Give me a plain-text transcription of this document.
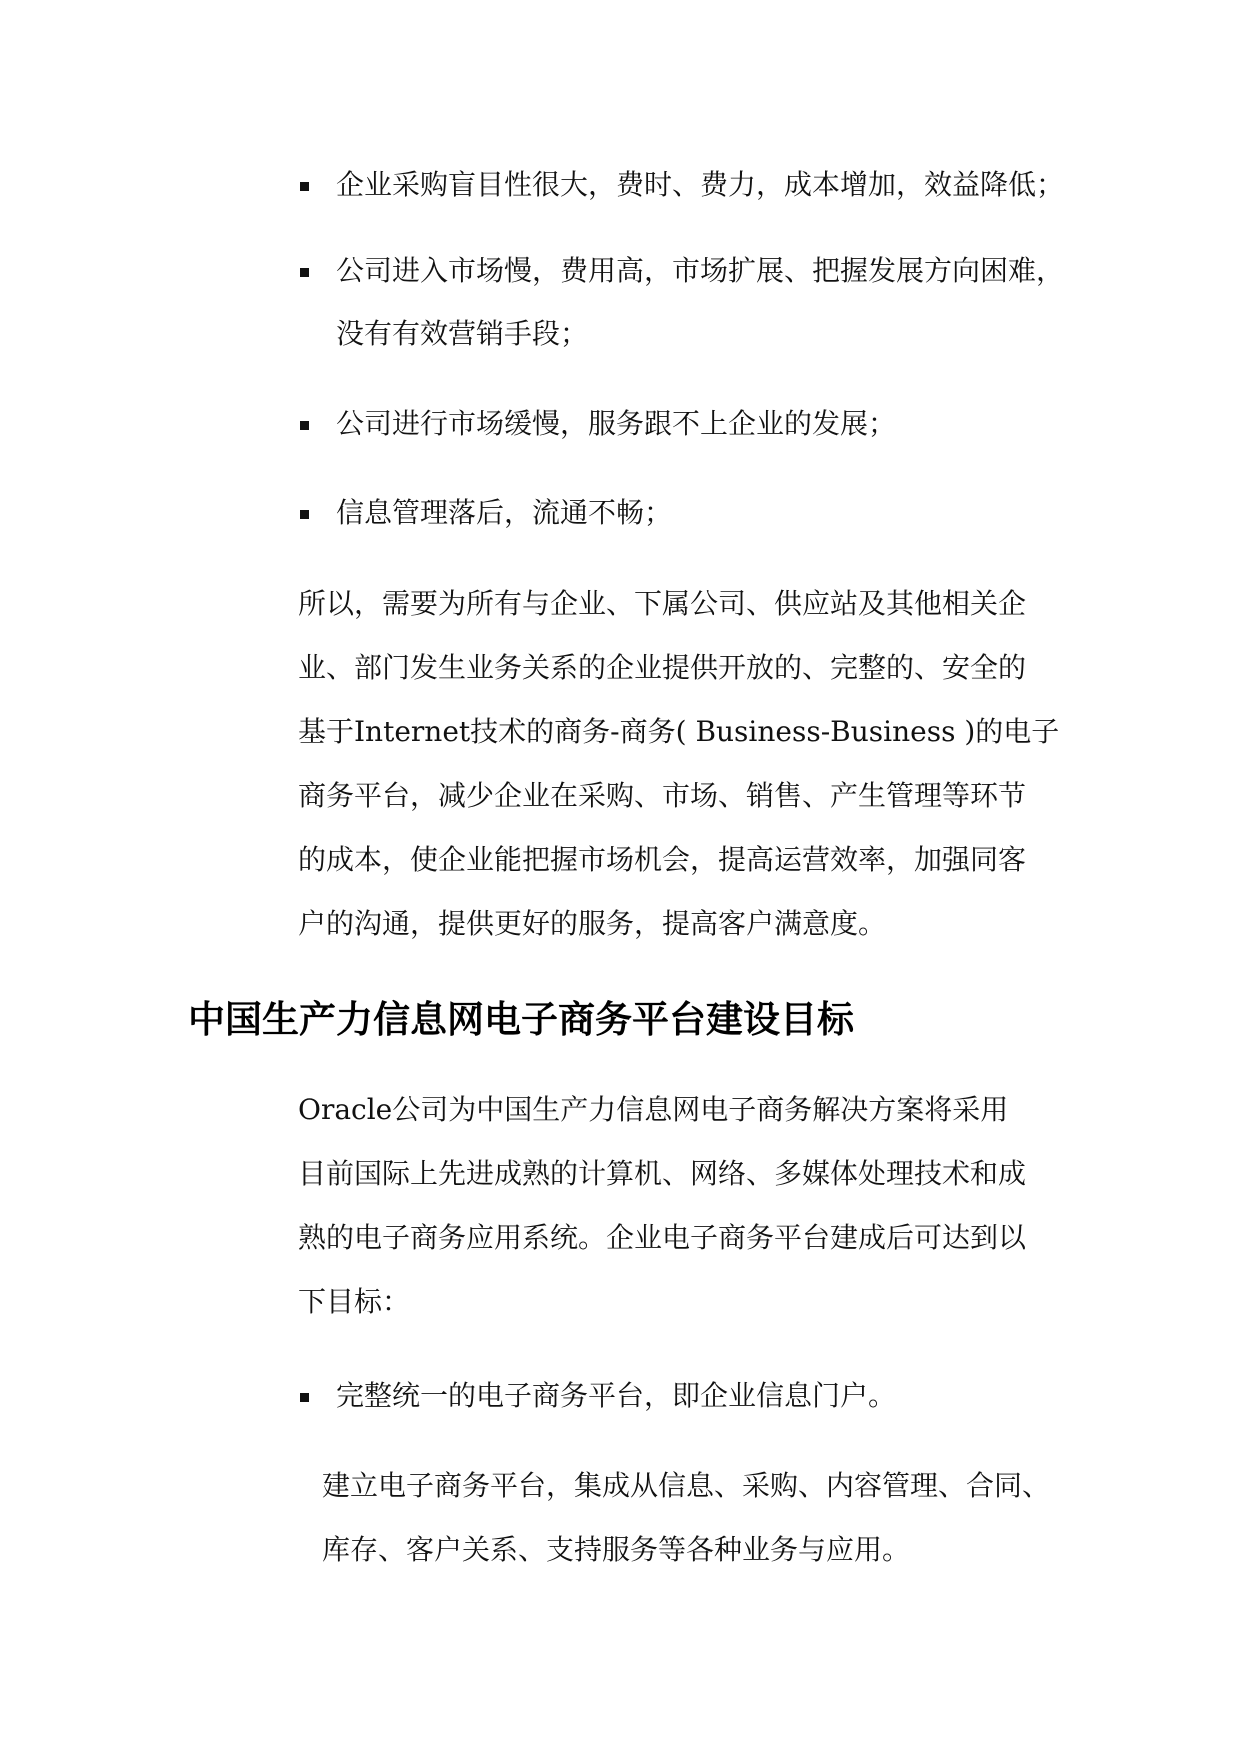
企业采购盲目性很大，费时、费力，成本增加，效益降低；
公司进入市场慢，费用高，市场扩展、把握发展方向困难，
没有有效营销手段；
公司进行市场缓慢，服务跟不上企业的发展；
信息管理落后，流通不畅；
所以，需要为所有与企业、下属公司、供应站及其他相关企
业、部门发生业务关系的企业提供开放的、完整的、安全的
基于Internet技术的商务-商务( Business-Business )的电子
商务平台，减少企业在采购、市场、销售、产生管理等环节
的成本，使企业能把握市场机会，提高运营效率，加强同客
户的沟通，提供更好的服务，提高客户满意度。
中国生产力信息网电子商务平台建设目标
Oracle公司为中国生产力信息网电子商务解决方案将采用
目前国际上先进成熟的计算机、网络、多媒体处理技术和成
熟的电子商务应用系统。企业电子商务平台建成后可达到以
下目标：
完整统一的电子商务平台，即企业信息门户。
建立电子商务平台，集成从信息、采购、内容管理、合同、
库存、客户关系、支持服务等各种业务与应用。
